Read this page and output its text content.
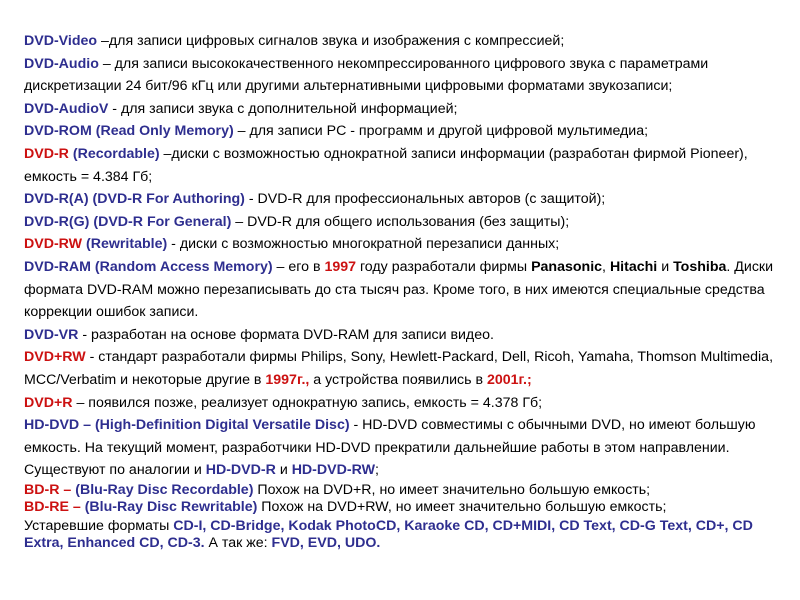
DVD-Video –для записи цифровых сигналов звука и изображения с компрессией;

DVD-Audio – для записи высококачественного некомпрессированного цифрового звука с параметрами дискретизации 24 бит/96 кГц или другими альтернативными цифровыми форматами звукозаписи;

DVD-AudioV - для записи звука с дополнительной информацией;

DVD-ROM (Read Only Memory) – для записи PC - программ и другой цифровой мультимедиа;

DVD-R (Recordable) –диски с возможностью однократной записи информации (разработан фирмой Pioneer), емкость = 4.384 Гб;

DVD-R(A) (DVD-R For Authoring) - DVD-R для профессиональных авторов (с защитой);

DVD-R(G) (DVD-R For General) – DVD-R для общего использования (без защиты);

DVD-RW (Rewritable) - диски с возможностью многократной перезаписи данных;

DVD-RAM (Random Access Memory) – его в 1997 году разработали фирмы Panasonic, Hitachi и Toshiba. Диски формата DVD-RAM можно перезаписывать до ста тысяч раз. Кроме того, в них имеются специальные средства коррекции ошибок записи.

DVD-VR - разработан на основе формата DVD-RAM для записи видео.

DVD+RW - стандарт разработали фирмы Philips, Sony, Hewlett-Packard, Dell, Ricoh, Yamaha, Thomson Multimedia, MCC/Verbatim и некоторые другие в 1997г., а устройства появились в 2001г.;

DVD+R – появился позже, реализует однократную запись, емкость = 4.378 Гб;

HD-DVD – (High-Definition Digital Versatile Disc) - HD-DVD совместимы с обычными DVD, но имеют большую емкость. На текущий момент, разработчики HD-DVD прекратили дальнейшие работы в этом направлении. Существуют по аналогии и HD-DVD-R и HD-DVD-RW;

BD-R – (Blu-Ray Disc Recordable) Похож на DVD+R, но имеет значительно большую емкость;

BD-RE – (Blu-Ray Disc Rewritable) Похож на DVD+RW, но имеет значительно большую емкость;

Устаревшие форматы CD-I, CD-Bridge, Kodak PhotoCD, Karaoke CD, CD+MIDI, CD Text, CD-G Text, CD+, CD Extra, Enhanced CD, CD-3. А так же: FVD, EVD, UDO.
